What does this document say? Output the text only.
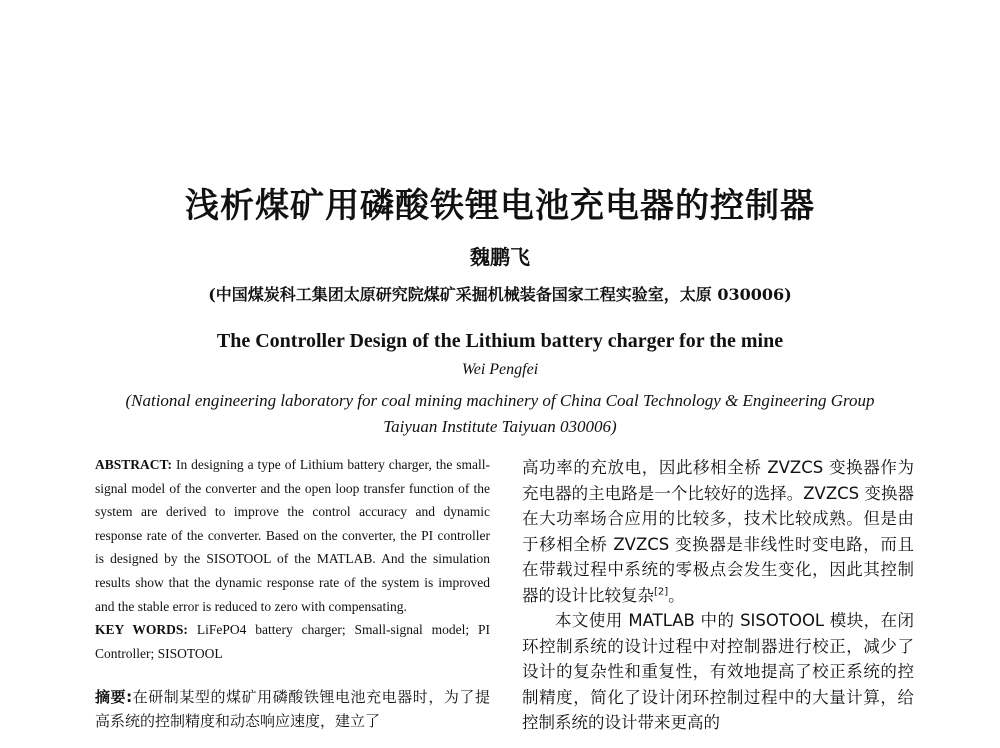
浅析煤矿用磷酸铁锂电池充电器的控制器
魏鹏飞
(中国煤炭科工集团太原研究院煤矿采掘机械装备国家工程实验室，太原 030006)
The Controller Design of the Lithium battery charger for the mine
Wei Pengfei
(National engineering laboratory for coal mining machinery of China Coal Technology & Engineering Group
Taiyuan Institute Taiyuan 030006)
ABSTRACT: In designing a type of Lithium battery charger, the small-signal model of the converter and the open loop transfer function of the system are derived to improve the control accuracy and dynamic response rate of the converter. Based on the converter, the PI controller is designed by the SISOTOOL of the MATLAB. And the simulation results show that the dynamic response rate of the system is improved and the stable error is reduced to zero with compensating.
KEY WORDS: LiFePO4 battery charger; Small-signal model; PI Controller; SISOTOOL
摘要:在研制某型的煤矿用磷酸铁锂电池充电器时，为了提高系统的控制精度和动态响应速度，建立了

高功率的充放电，因此移相全桥 ZVZCS 变换器作为充电器的主电路是一个比较好的选择。ZVZCS 变换器在大功率场合应用的比较多，技术比较成熟。但是由于移相全桥 ZVZCS 变换器是非线性时变电路，而且在带载过程中系统的零极点会发生变化，因此其控制器的设计比较复杂[2]。

本文使用 MATLAB 中的 SISOTOOL 模块，在闭环控制系统的设计过程中对控制器进行校正，减少了设计的复杂性和重复性，有效地提高了校正系统的控制精度，简化了设计闭环控制过程中的大量计算，给控制系统的设计带来更高的
